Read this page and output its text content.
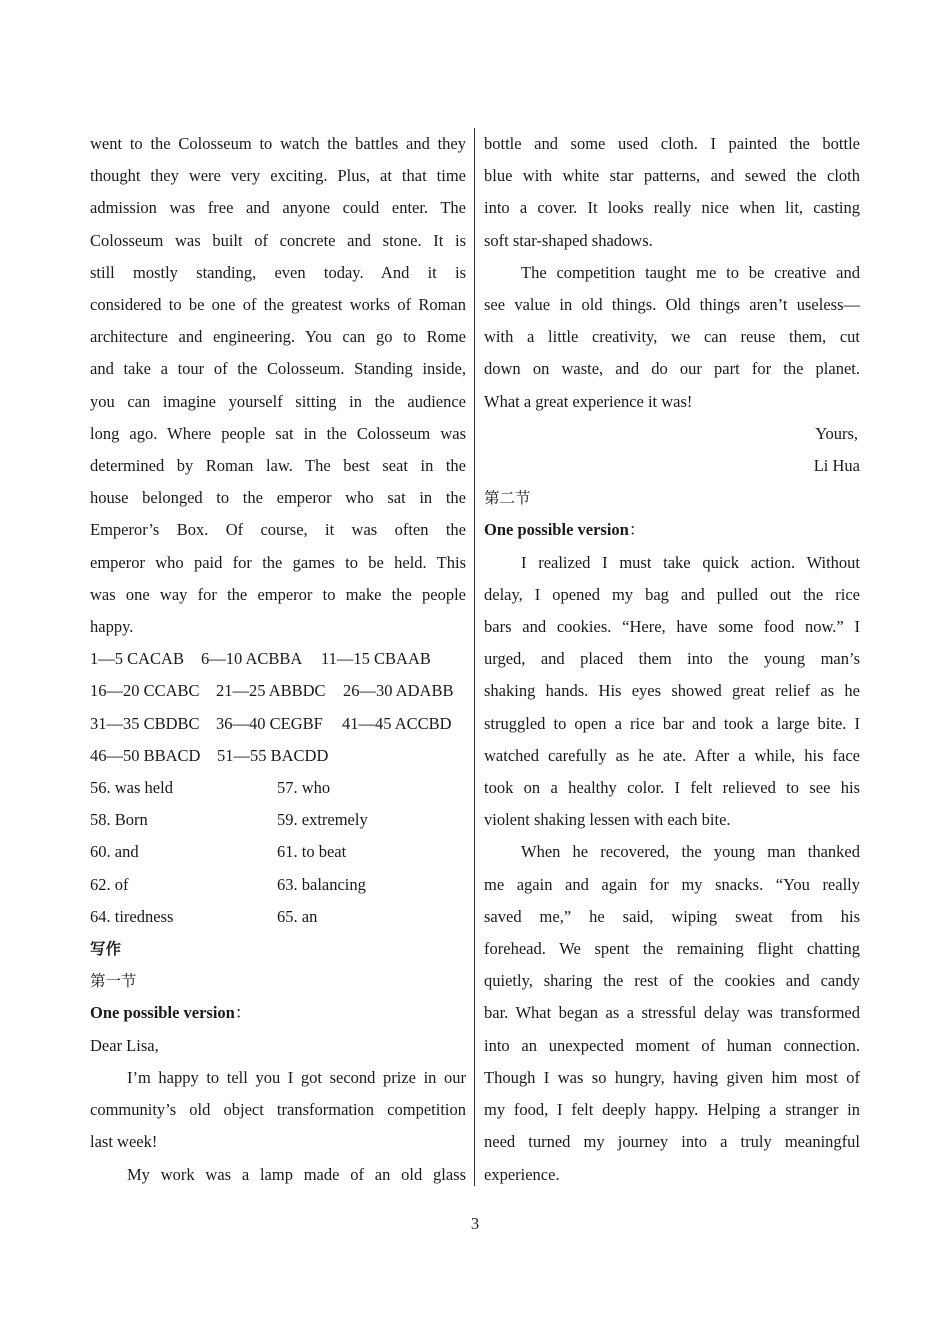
went to the Colosseum to watch the battles and they

thought they were very exciting. Plus, at that time

admission was free and anyone could enter. The

Colosseum was built of concrete and stone. It is

still mostly standing, even today. And it is

considered to be one of the greatest works of Roman

architecture and engineering. You can go to Rome

and take a tour of the Colosseum. Standing inside,

you can imagine yourself sitting in the audience

long ago. Where people sat in the Colosseum was

determined by Roman law. The best seat in the

house belonged to the emperor who sat in the

Emperor’s Box. Of course, it was often the

emperor who paid for the games to be held. This

was one way for the emperor to make the people

happy.

1—5 CACAB	6—10 ACBBA	11—15 CBAAB
16—20 CCABC 21—25 ABBDC	26—30 ADABB
31—35 CBDBC 36—40 CEGBF	41—45 ACCBD
46—50 BBACD	51—55 BACDD
56. was held	57. who
58. Born	59. extremely
60. and	61. to beat
62. of	63. balancing
64. tiredness	65. an

写作

第一节

One possible version：

Dear Lisa,

I’m happy to tell you I got second prize in our

community’s old object transformation competition

last week!

My work was a lamp made of an old glass

bottle and some used cloth. I painted the bottle

blue with white star patterns, and sewed the cloth

into a cover. It looks really nice when lit, casting

soft star-shaped shadows.

The competition taught me to be creative and

see value in old things. Old things aren’t useless—

with a little creativity, we can reuse them, cut

down on waste, and do our part for the planet.

What a great experience it was!

Yours,

Li Hua

第二节

One possible version：

I realized I must take quick action. Without

delay, I opened my bag and pulled out the rice

bars and cookies. “Here, have some food now.” I

urged, and placed them into the young man’s

shaking hands. His eyes showed great relief as he

struggled to open a rice bar and took a large bite. I

watched carefully as he ate. After a while, his face

took on a healthy color. I felt relieved to see his

violent shaking lessen with each bite.

When he recovered, the young man thanked

me again and again for my snacks. “You really

saved me,” he said, wiping sweat from his

forehead. We spent the remaining flight chatting

quietly, sharing the rest of the cookies and candy

bar. What began as a stressful delay was transformed

into an unexpected moment of human connection.

Though I was so hungry, having given him most of

my food, I felt deeply happy. Helping a stranger in

need turned my journey into a truly meaningful

experience.

3
